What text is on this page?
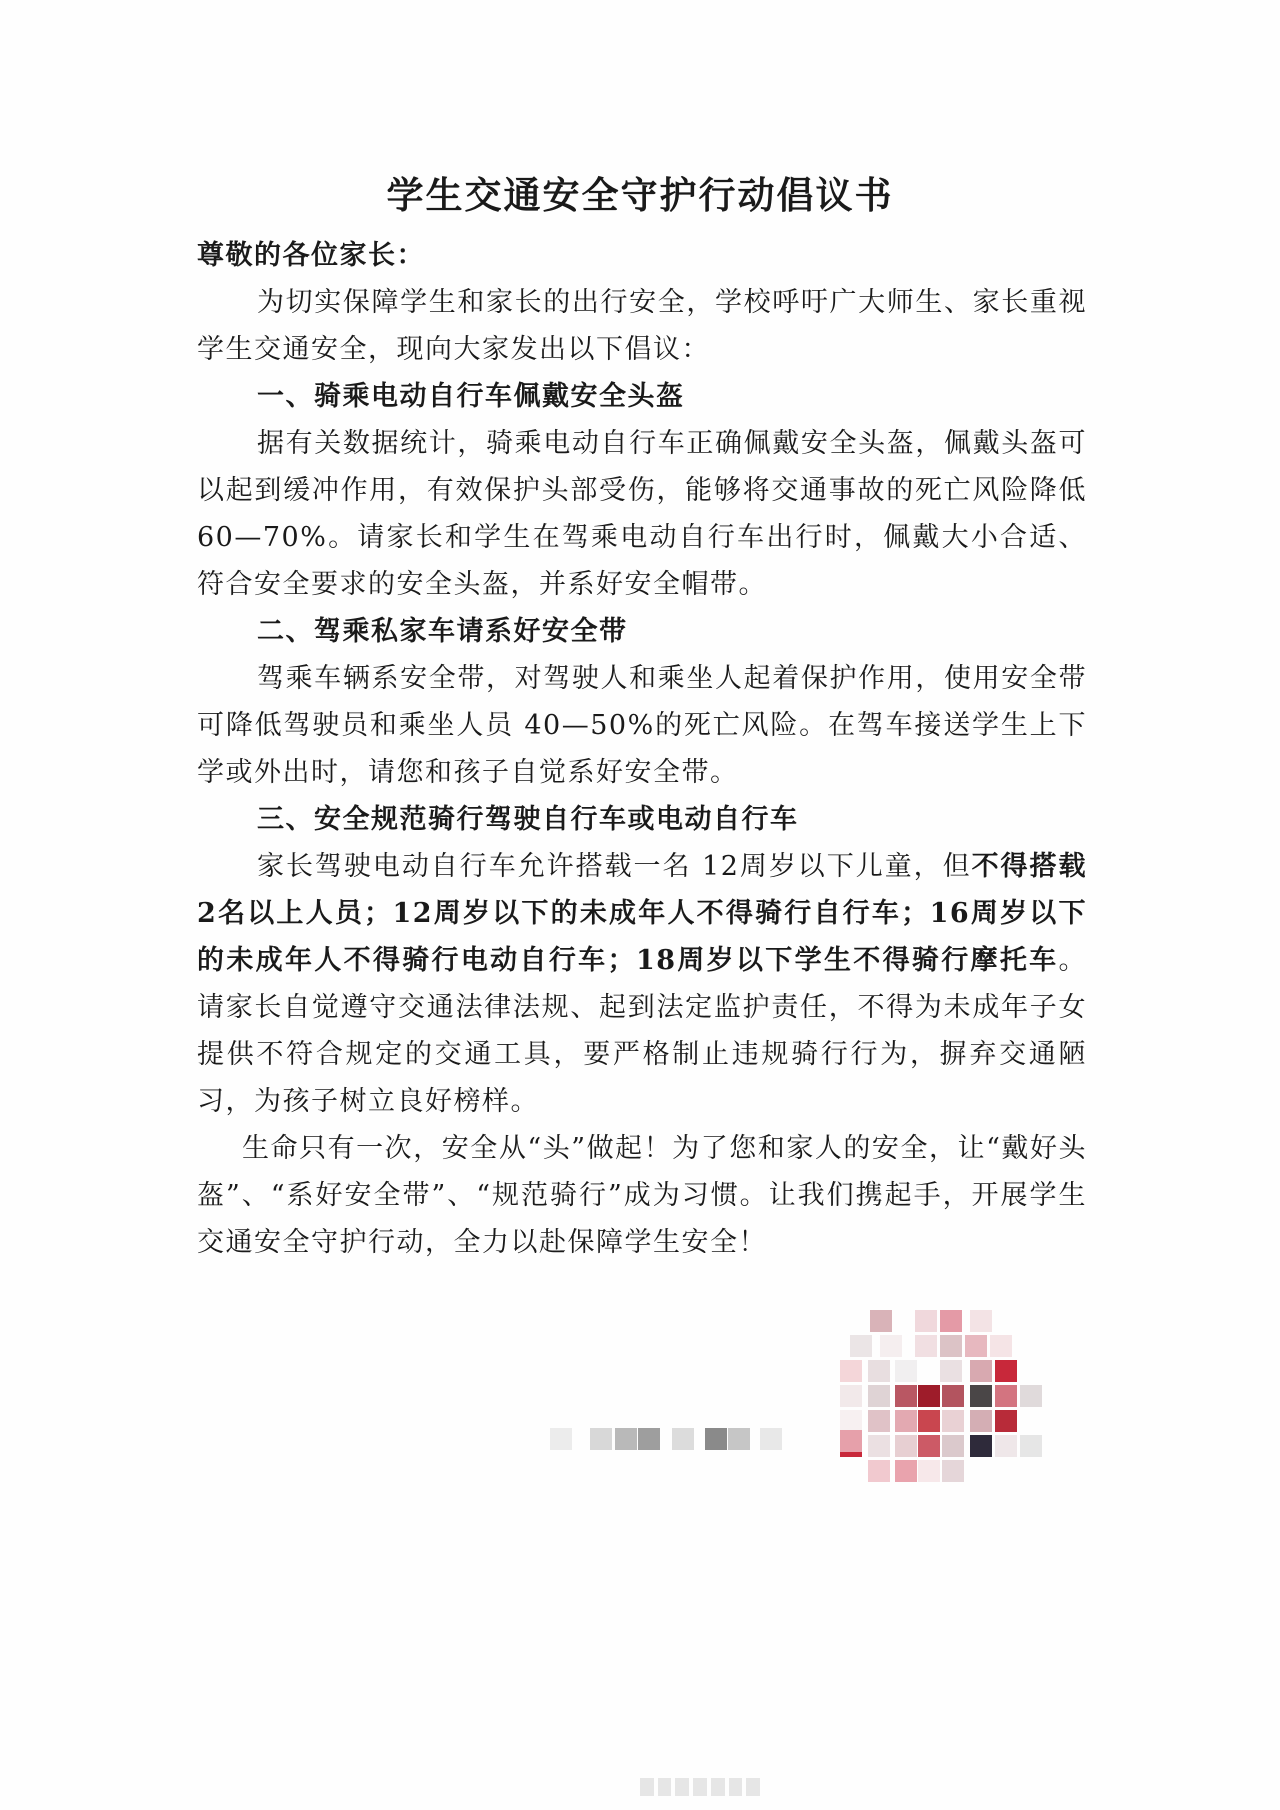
学生交通安全守护行动倡议书

尊敬的各位家长：

为切实保障学生和家长的出行安全，学校呼吁广大师生、家长重视学生交通安全，现向大家发出以下倡议：

一、骑乘电动自行车佩戴安全头盔

据有关数据统计，骑乘电动自行车正确佩戴安全头盔，佩戴头盔可以起到缓冲作用，有效保护头部受伤，能够将交通事故的死亡风险降低 60—70%。请家长和学生在驾乘电动自行车出行时，佩戴大小合适、符合安全要求的安全头盔，并系好安全帽带。

二、驾乘私家车请系好安全带

驾乘车辆系安全带，对驾驶人和乘坐人起着保护作用，使用安全带可降低驾驶员和乘坐人员 40—50%的死亡风险。在驾车接送学生上下学或外出时，请您和孩子自觉系好安全带。

三、安全规范骑行驾驶自行车或电动自行车

家长驾驶电动自行车允许搭载一名 12周岁以下儿童，但不得搭载 2名以上人员；12周岁以下的未成年人不得骑行自行车；16周岁以下的未成年人不得骑行电动自行车；18周岁以下学生不得骑行摩托车。请家长自觉遵守交通法律法规、起到法定监护责任，不得为未成年子女提供不符合规定的交通工具，要严格制止违规骑行行为，摒弃交通陋习，为孩子树立良好榜样。

生命只有一次，安全从“头”做起！为了您和家人的安全，让“戴好头盔”、“系好安全带”、“规范骑行”成为习惯。让我们携起手，开展学生交通安全守护行动，全力以赴保障学生安全！
